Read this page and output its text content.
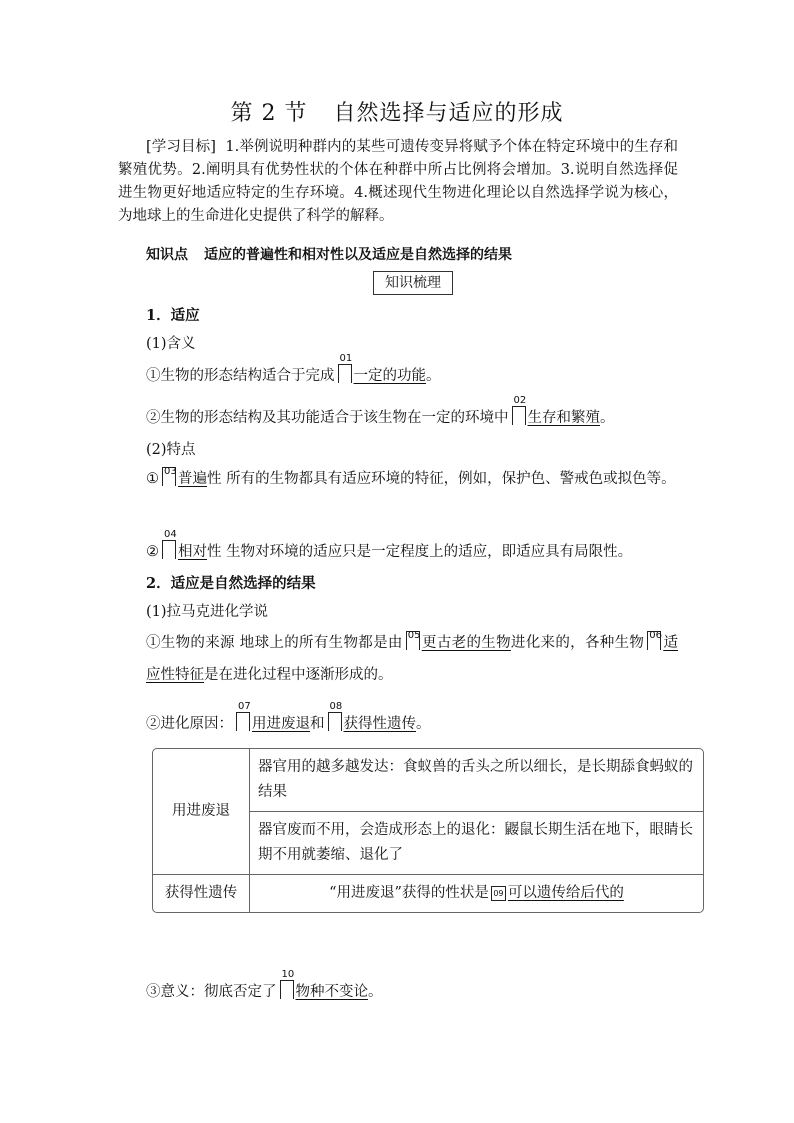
第 2 节 自然选择与适应的形成
[学习目标] 1.举例说明种群内的某些可遗传变异将赋予个体在特定环境中的生存和繁殖优势。2.阐明具有优势性状的个体在种群中所占比例将会增加。3.说明自然选择促进生物更好地适应特定的生存环境。4.概述现代生物进化理论以自然选择学说为核心，为地球上的生命进化史提供了科学的解释。
知识点 适应的普遍性和相对性以及适应是自然选择的结果
知识梳理
1．适应
(1)含义
①生物的形态结构适合于完成
01
一定的功能。
②生物的形态结构及其功能适合于该生物在一定的环境中
02
生存和繁殖。
(2)特点
① 03 普遍性 所有的生物都具有适应环境的特征，例如，保护色、警戒色或拟色等。
②
04
相对性 生物对环境的适应只是一定程度上的适应，即适应具有局限性。
2．适应是自然选择的结果
(1)拉马克进化学说
①生物的来源 地球上的所有生物都是由 05 更古老的生物进化来的，各种生物 06 适应性特征是在进化过程中逐渐形成的。
②进化原因：
07
用进废退和
08
获得性遗传。
用进废退	器官用的越多越发达：食蚁兽的舌头之所以细长，是长期舔食蚂蚁的结果
	器官废而不用，会造成形态上的退化：鼹鼠长期生活在地下，眼睛长期不用就萎缩、退化了
获得性遗传	“用进废退”获得的性状是 09 可以遗传给后代的
③意义：彻底否定了
10
物种不变论。
